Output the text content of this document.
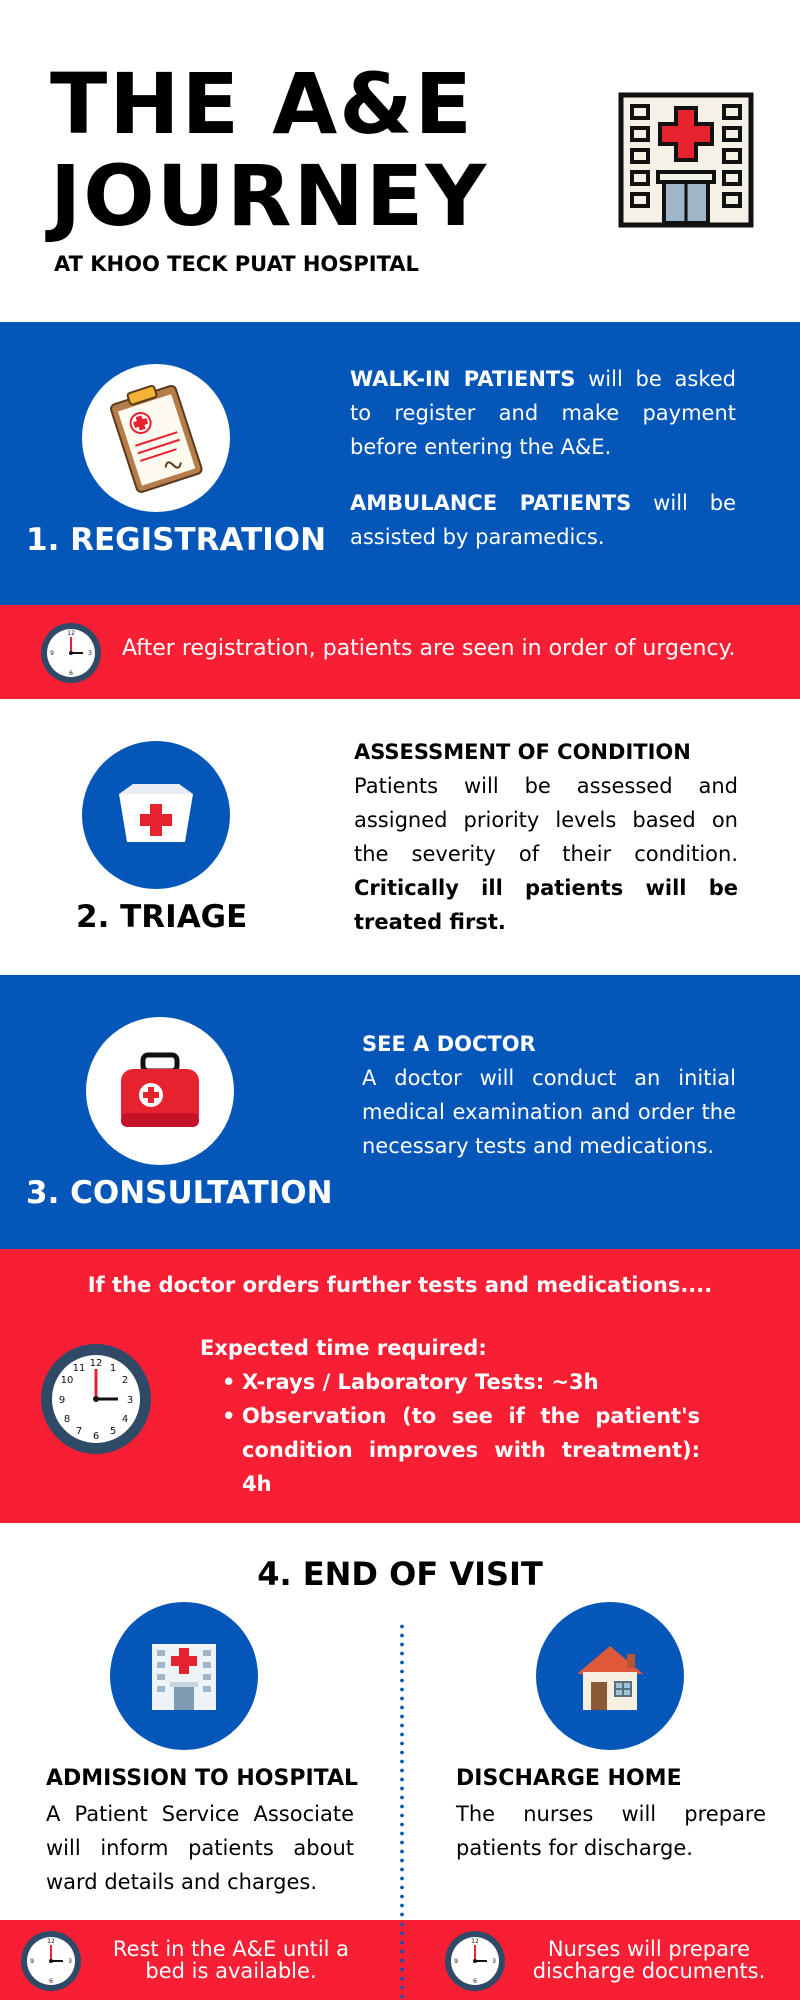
THE A&E
JOURNEY
AT KHOO TECK PUAT HOSPITAL
1. REGISTRATION

WALK-IN PATIENTS will be asked to register and make payment before entering the A&E.

AMBULANCE PATIENTS will be assisted by paramedics.

12
3
6
9	After registration, patients are seen in order of urgency.
2. TRIAGE
ASSESSMENT OF CONDITION
Patients will be assessed and assigned priority levels based on the severity of their condition. Critically ill patients will be treated first.
3. CONSULTATION
SEE A DOCTOR
A doctor will conduct an initial medical examination and order the necessary tests and medications.
If the doctor orders further tests and medications....
12 1
2
3
4
5
6
7
8
9
10
11
Expected time required:
• X-rays / Laboratory Tests: ~3h
• Observation (to see if the patient's condition improves with treatment): 4h
4. END OF VISIT
ADMISSION TO HOSPITAL
A Patient Service Associate will inform patients about ward details and charges.
DISCHARGE HOME
The nurses will prepare patients for discharge.
12
3
6
9
Rest in the A&E until a
bed is available.
12
3
6
9
Nurses will prepare
discharge documents.
